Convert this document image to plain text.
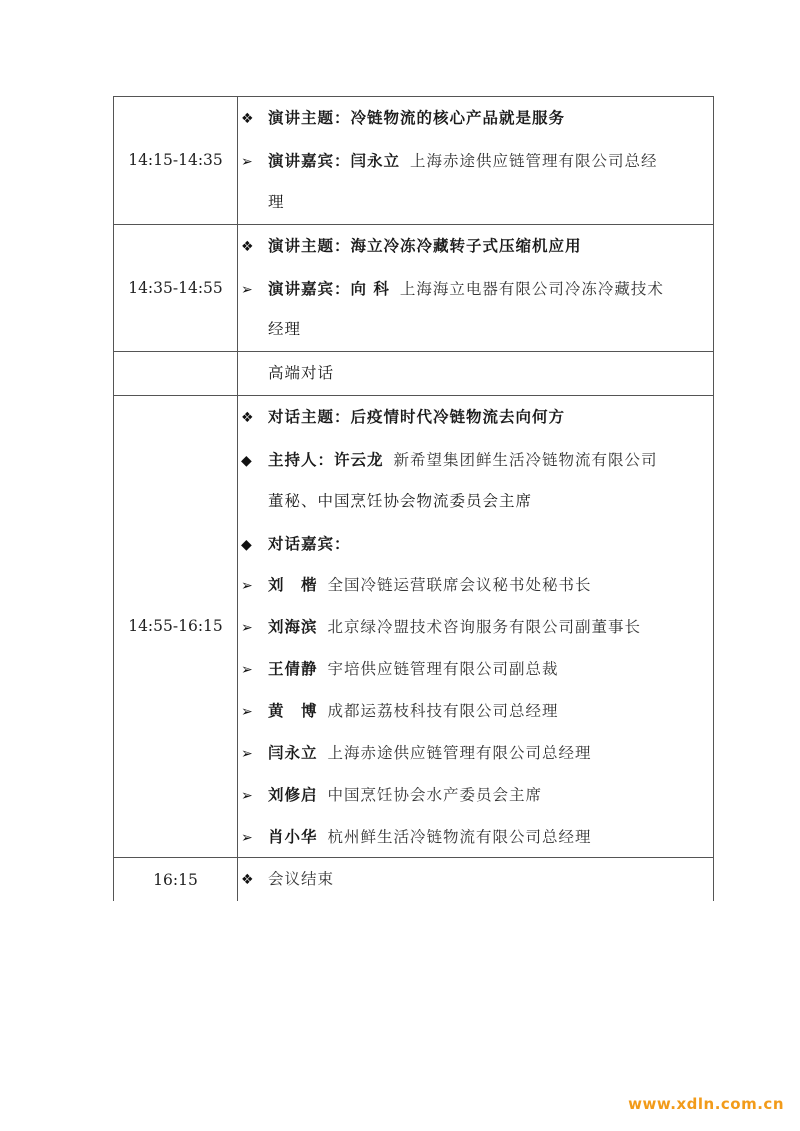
14:15-14:35
❖ 演讲主题：冷链物流的核心产品就是服务
➢ 演讲嘉宾：闫永立 上海赤途供应链管理有限公司总经
理
14:35-14:55
❖ 演讲主题：海立冷冻冷藏转子式压缩机应用
➢ 演讲嘉宾：向 科 上海海立电器有限公司冷冻冷藏技术
经理
高端对话
14:55-16:15
❖ 对话主题：后疫情时代冷链物流去向何方
◆ 主持人：许云龙 新希望集团鲜生活冷链物流有限公司
董秘、中国烹饪协会物流委员会主席
◆ 对话嘉宾：
➢ 刘　楷 全国冷链运营联席会议秘书处秘书长
➢ 刘海滨 北京绿冷盟技术咨询服务有限公司副董事长
➢ 王倩静 宇培供应链管理有限公司副总裁
➢ 黄　博 成都运荔枝科技有限公司总经理
➢ 闫永立 上海赤途供应链管理有限公司总经理
➢ 刘修启 中国烹饪协会水产委员会主席
➢ 肖小华 杭州鲜生活冷链物流有限公司总经理
16:15	❖ 会议结束
www.xdln.com.cn
